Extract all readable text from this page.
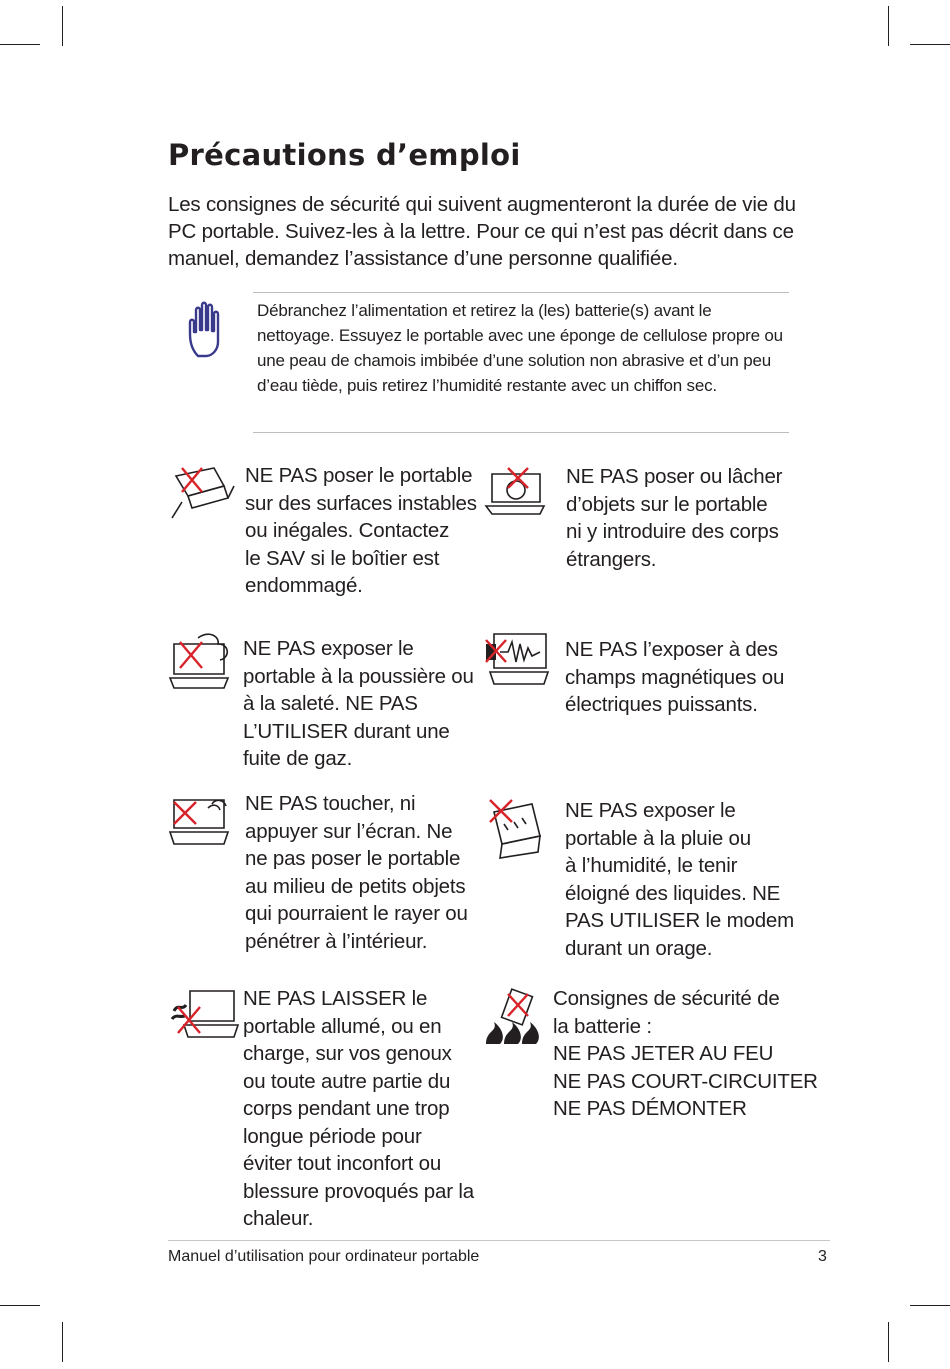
Précautions d’emploi

Les consignes de sécurité qui suivent augmenteront la durée de vie du PC portable. Suivez-les à la lettre. Pour ce qui n’est pas décrit dans ce manuel, demandez l’assistance d’une personne qualifiée.

Débranchez l’alimentation et retirez la (les) batterie(s) avant le nettoyage. Essuyez le portable avec une éponge de cellulose propre ou une peau de chamois imbibée d’une solution non abrasive et d’un peu d’eau tiède, puis retirez l’humidité restante avec un chiffon sec.

NE PAS poser le portable
sur des surfaces instables
ou inégales. Contactez
le SAV si le boîtier est
endommagé.
NE PAS poser ou lâcher
d’objets sur le portable
ni y introduire des corps
étrangers.
NE PAS exposer le
portable à la poussière ou
à la saleté. NE PAS
L’UTILISER durant une
fuite de gaz.
NE PAS l’exposer à des
champs magnétiques ou
électriques puissants.
NE PAS toucher, ni
appuyer sur l’écran. Ne
ne pas poser le portable
au milieu de petits objets
qui pourraient le rayer ou
pénétrer à l’intérieur.
NE PAS exposer le
portable à la pluie ou
à l’humidité, le tenir
éloigné des liquides. NE
PAS UTILISER le modem
durant un orage.
NE PAS LAISSER le
portable allumé, ou en
charge, sur vos genoux
ou toute autre partie du
corps pendant une trop
longue période pour
éviter tout inconfort ou
blessure provoqués par la
chaleur.
Consignes de sécurité de
la batterie :
NE PAS JETER AU FEU
NE PAS COURT-CIRCUITER
NE PAS DÉMONTER
Manuel d’utilisation pour ordinateur portable	3
